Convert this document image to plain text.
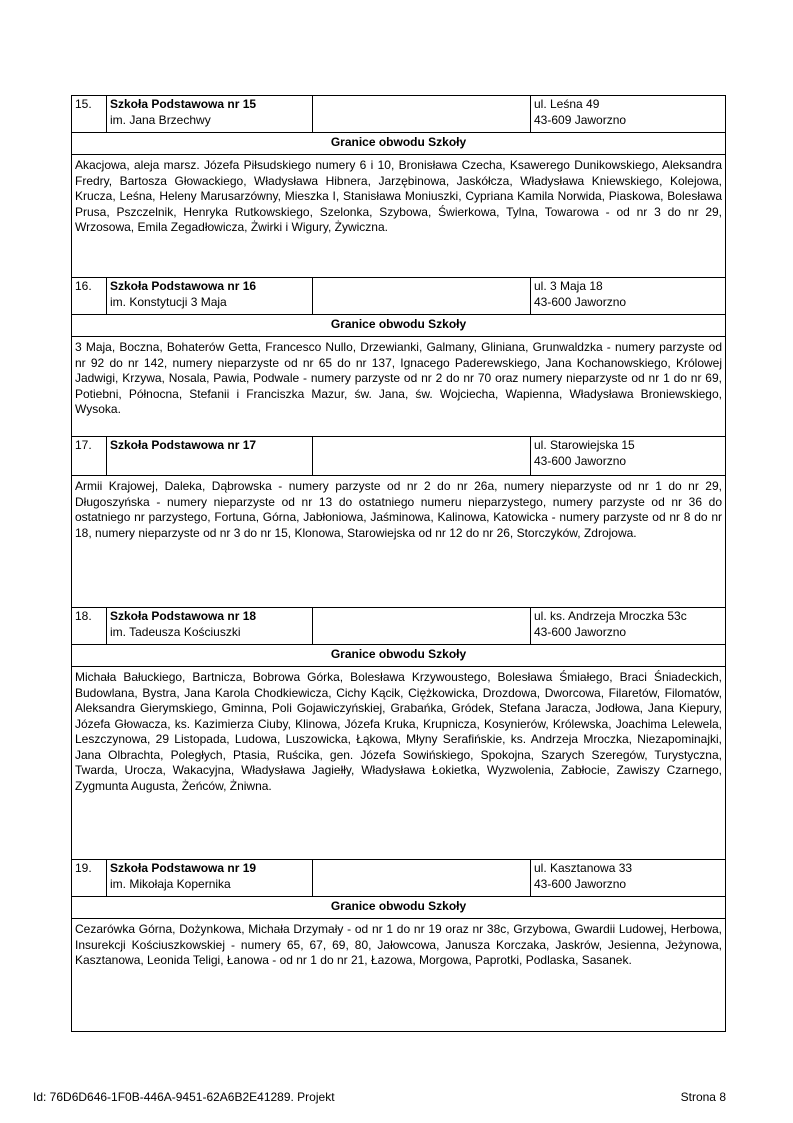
15.	Szkoła Podstawowa nr 15
im. Jana Brzechwy		ul. Leśna 49
43-609 Jaworzno

Granice obwodu Szkoły			
Akacjowa, aleja marsz. Józefa Piłsudskiego numery 6 i 10, Bronisława Czecha, Ksawerego Dunikowskiego, Aleksandra Fredry, Bartosza Głowackiego, Władysława Hibnera, Jarzębinowa, Jaskółcza, Władysława Kniewskiego, Kolejowa, Krucza, Leśna, Heleny Marusarzówny, Mieszka I, Stanisława Moniuszki, Cypriana Kamila Norwida, Piaskowa, Bolesława Prusa, Pszczelnik, Henryka Rutkowskiego, Szelonka, Szybowa, Świerkowa, Tylna, Towarowa - od nr 3 do nr 29, Wrzosowa, Emila Zegadłowicza, Żwirki i Wigury, Żywiczna.			
16.	Szkoła Podstawowa nr 16
im. Konstytucji 3 Maja		ul. 3 Maja 18
43-600 Jaworzno

Granice obwodu Szkoły			
3 Maja, Boczna, Bohaterów Getta, Francesco Nullo, Drzewianki, Galmany, Gliniana, Grunwaldzka - numery parzyste od nr 92 do nr 142, numery nieparzyste od nr 65 do nr 137, Ignacego Paderewskiego, Jana Kochanowskiego, Królowej Jadwigi, Krzywa, Nosala, Pawia, Podwale - numery parzyste od nr 2 do nr 70 oraz numery nieparzyste od nr 1 do nr 69, Potiebni, Północna, Stefanii i Franciszka Mazur, św. Jana, św. Wojciecha, Wapienna, Władysława Broniewskiego, Wysoka.			
17.	Szkoła Podstawowa nr 17		ul. Starowiejska 15
43-600 Jaworzno

Armii Krajowej, Daleka, Dąbrowska - numery parzyste od nr 2 do nr 26a, numery nieparzyste od nr 1 do nr 29, Długoszyńska - numery nieparzyste od nr 13 do ostatniego numeru nieparzystego, numery parzyste od nr 36 do ostatniego nr parzystego, Fortuna, Górna, Jabłoniowa, Jaśminowa, Kalinowa, Katowicka - numery parzyste od nr 8 do nr 18, numery nieparzyste od nr 3 do nr 15, Klonowa, Starowiejska od nr 12 do nr 26, Storczyków, Zdrojowa.			
18.	Szkoła Podstawowa nr 18
im. Tadeusza Kościuszki		ul. ks. Andrzeja Mroczka 53c
43-600 Jaworzno

Granice obwodu Szkoły			
Michała Bałuckiego, Bartnicza, Bobrowa Górka, Bolesława Krzywoustego, Bolesława Śmiałego, Braci Śniadeckich, Budowlana, Bystra, Jana Karola Chodkiewicza, Cichy Kącik, Ciężkowicka, Drozdowa, Dworcowa, Filaretów, Filomatów, Aleksandra Gierymskiego, Gminna, Poli Gojawiczyńskiej, Grabańka, Gródek, Stefana Jaracza, Jodłowa, Jana Kiepury, Józefa Głowacza, ks. Kazimierza Ciuby, Klinowa, Józefa Kruka, Krupnicza, Kosynierów, Królewska, Joachima Lelewela, Leszczynowa, 29 Listopada, Ludowa, Luszowicka, Łąkowa, Młyny Serafińskie, ks. Andrzeja Mroczka, Niezapominajki, Jana Olbrachta, Poległych, Ptasia, Ruścika, gen. Józefa Sowińskiego, Spokojna, Szarych Szeregów, Turystyczna, Twarda, Urocza, Wakacyjna, Władysława Jagiełły, Władysława Łokietka, Wyzwolenia, Zabłocie, Zawiszy Czarnego, Zygmunta Augusta, Żeńców, Żniwna.			
19.	Szkoła Podstawowa nr 19
im. Mikołaja Kopernika		ul. Kasztanowa 33
43-600 Jaworzno

Granice obwodu Szkoły			
Cezarówka Górna, Dożynkowa, Michała Drzymały - od nr 1 do nr 19 oraz nr 38c, Grzybowa, Gwardii Ludowej, Herbowa, Insurekcji Kościuszkowskiej - numery 65, 67, 69, 80, Jałowcowa, Janusza Korczaka, Jaskrów, Jesienna, Jeżynowa, Kasztanowa, Leonida Teligi, Łanowa - od nr 1 do nr 21, Łazowa, Morgowa, Paprotki, Podlaska, Sasanek.			
Id: 76D6D646-1F0B-446A-9451-62A6B2E41289. Projekt	Strona 8
